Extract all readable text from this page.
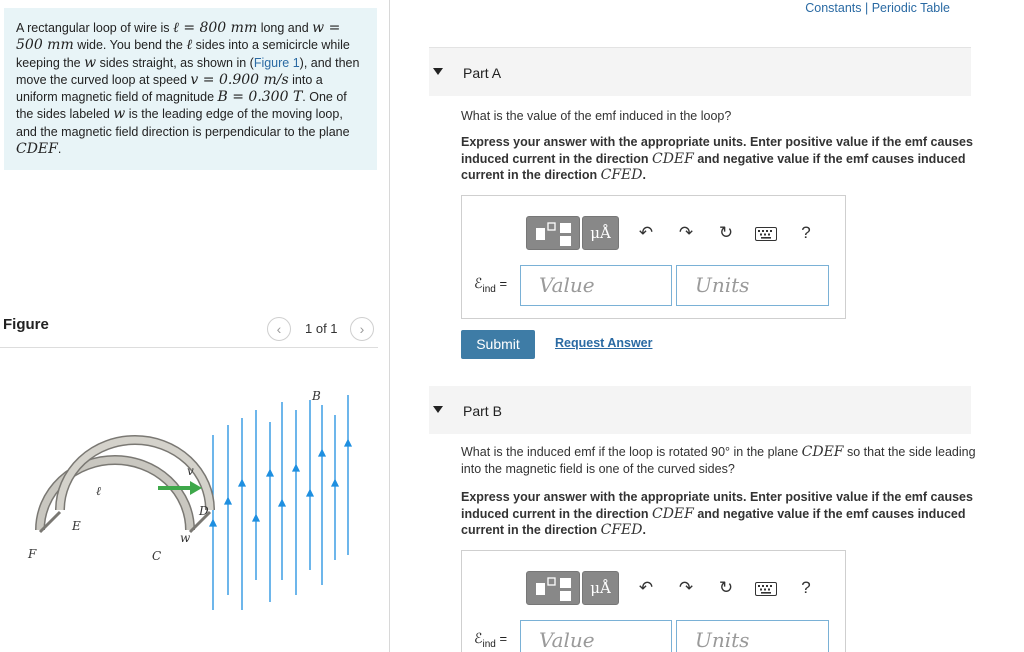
A rectangular loop of wire is ℓ = 800 mm long and w = 500 mm wide. You bend the ℓ sides into a semicircle while keeping the w sides straight, as shown in (Figure 1), and then move the curved loop at speed v = 0.900 m/s into a uniform magnetic field of magnitude B = 0.300 T. One of the sides labeled w is the leading edge of the moving loop, and the magnetic field direction is perpendicular to the plane CDEF.
Figure	‹	1 of 1	›
B
v
ℓ
w
C
D
E
F
Constants | Periodic Table
Part A
What is the value of the emf induced in the loop?
Express your answer with the appropriate units. Enter positive value if the emf causes induced current in the direction CDEF and negative value if the emf causes induced current in the direction CFED.
μÅ	↶	↷	↻	?
ℰ$_{ind}$ =	Value	Units
Submit	Request Answer
Part B
What is the induced emf if the loop is rotated 90° in the plane CDEF so that the side leading into the magnetic field is one of the curved sides?
Express your answer with the appropriate units. Enter positive value if the emf causes induced current in the direction CDEF and negative value if the emf causes induced current in the direction CFED.
μÅ	↶	↷	↻	?
ℰ$_{ind}$ =	Value	Units
